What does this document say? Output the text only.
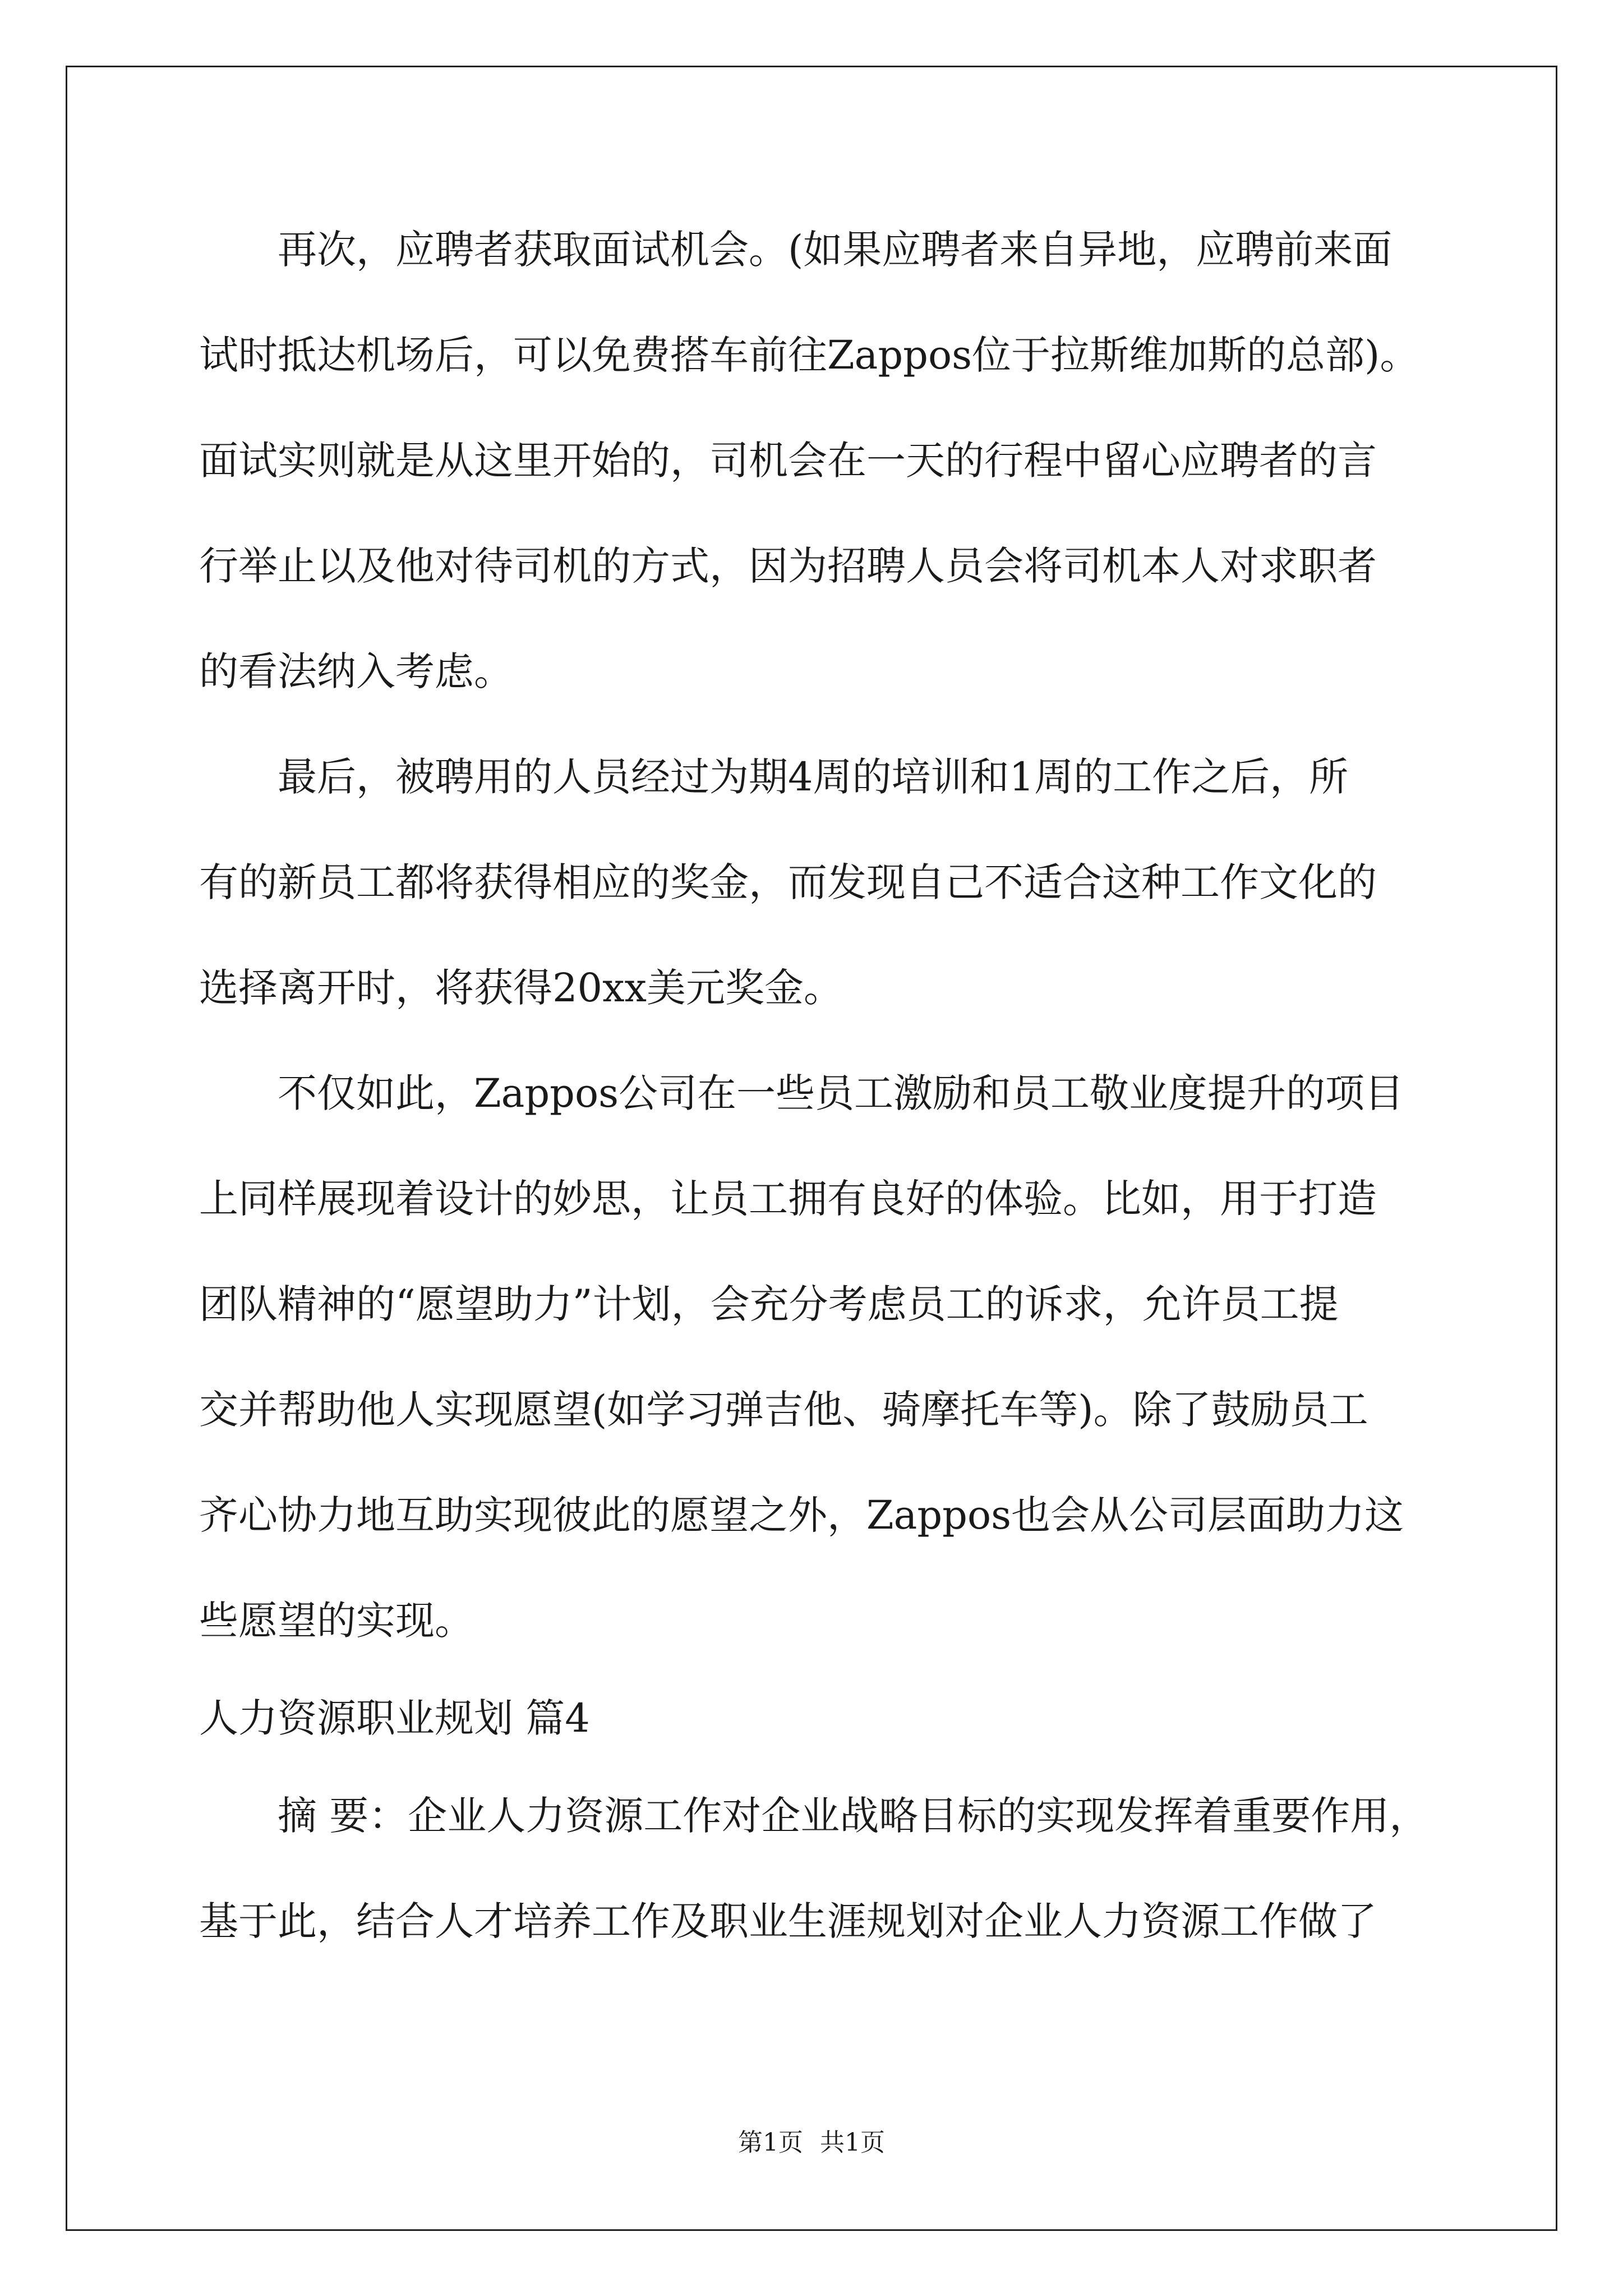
　　再次，应聘者获取面试机会。(如果应聘者来自异地，应聘前来面
试时抵达机场后，可以免费搭车前往Zappos位于拉斯维加斯的总部)。
面试实则就是从这里开始的，司机会在一天的行程中留心应聘者的言
行举止以及他对待司机的方式，因为招聘人员会将司机本人对求职者
的看法纳入考虑。
　　最后，被聘用的人员经过为期4周的培训和1周的工作之后，所
有的新员工都将获得相应的奖金，而发现自己不适合这种工作文化的
选择离开时，将获得20xx美元奖金。
　　不仅如此，Zappos公司在一些员工激励和员工敬业度提升的项目
上同样展现着设计的妙思，让员工拥有良好的体验。比如，用于打造
团队精神的“愿望助力”计划，会充分考虑员工的诉求，允许员工提
交并帮助他人实现愿望(如学习弹吉他、骑摩托车等)。除了鼓励员工
齐心协力地互助实现彼此的愿望之外，Zappos也会从公司层面助力这
些愿望的实现。
人力资源职业规划 篇4
　　摘 要：企业人力资源工作对企业战略目标的实现发挥着重要作用，
基于此，结合人才培养工作及职业生涯规划对企业人力资源工作做了
第1页 共1页
